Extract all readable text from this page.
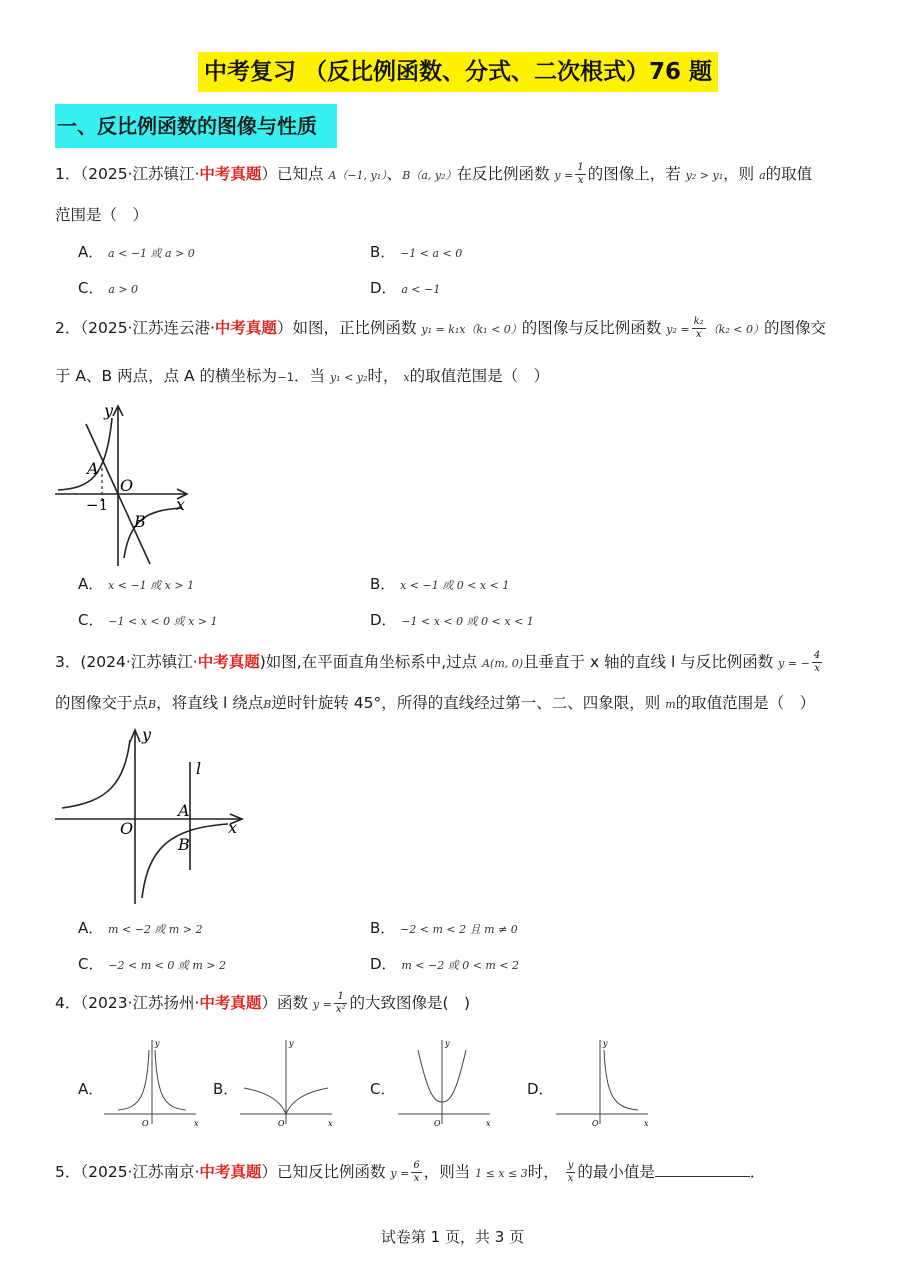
中考复习 （反比例函数、分式、二次根式）76 题
一、反比例函数的图像与性质
1．（2025·江苏镇江·中考真题）已知点 A（−1, y₁）、B（a, y₂）在反比例函数 $y = \frac{1}{x}$ 的图像上，若 y₂ > y₁，则 a的取值
范围是（　）
A． a < −1 或 a > 0	B． −1 < a < 0
C． a > 0	D． a < −1
2．（2025·江苏连云港·中考真题）如图，正比例函数 y₁ = k₁x（k₁ < 0）的图像与反比例函数 $y_2 = \frac{\text{k₂}}{x} (k_2 < 0)$的图像交
于 A、B 两点，点 A 的横坐标为−1．当 y₁ < y₂时， x的取值范围是（　）
y
x
O
A
B
−1
A． x < −1 或 x > 1	B． x < −1 或 0 < x < 1
C． −1 < x < 0 或 x > 1	D． −1 < x < 0 或 0 < x < 1
3．(2024·江苏镇江·中考真题)如图,在平面直角坐标系中,过点 A(m, 0)且垂直于 x 轴的直线 l 与反比例函数 y = − $\frac{4}{x}$
的图像交于点B，将直线 l 绕点B逆时针旋转 45°，所得的直线经过第一、二、四象限，则 m的取值范围是（　）
y
x
O
A
B
l
A． m < −2 或 m > 2	B． −2 < m < 2 且 m ≠ 0
C． −2 < m < 0 或 m > 2	D． m < −2 或 0 < m < 2
4．（2023·江苏扬州·中考真题）函数 $y = \frac{1}{\text{x²}}$ 的大致图像是(　)
A．
y
x
O
B．
y
x
O
C．
y
x
O
D．
y
x
O
5．（2025·江苏南京·中考真题）已知反比例函数 $y = \frac{6}{x}$ ，则当 1 ≤ x ≤ 3时， $\frac{y}{x}$ 的最小值是	．
试卷第 1 页，共 3 页
